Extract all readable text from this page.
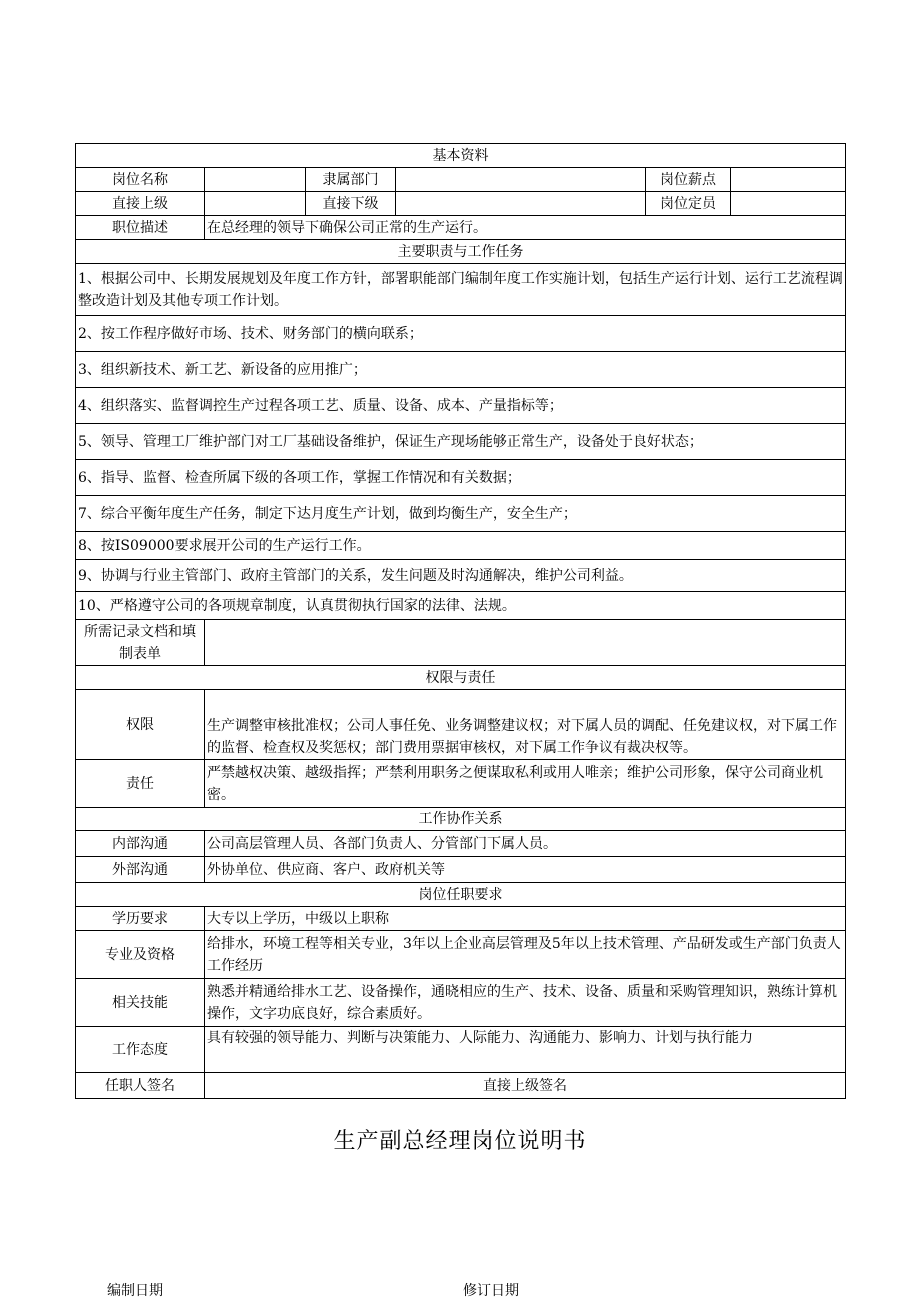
基本资料					
岗位名称		隶属部门		岗位薪点	
直接上级		直接下级		岗位定员	
职位描述	在总经理的领导下确保公司正常的生产运行。				
主要职责与工作任务					
1、根据公司中、长期发展规划及年度工作方针，部署职能部门编制年度工作实施计划，包括生产运行计划、运行工艺流程调整改造计划及其他专项工作计划。					
2、按工作程序做好市场、技术、财务部门的横向联系；					
3、组织新技术、新工艺、新设备的应用推广；					
4、组织落实、监督调控生产过程各项工艺、质量、设备、成本、产量指标等；					
5、领导、管理工厂维护部门对工厂基础设备维护，保证生产现场能够正常生产，设备处于良好状态；					
6、指导、监督、检查所属下级的各项工作，掌握工作情况和有关数据；					
7、综合平衡年度生产任务，制定下达月度生产计划，做到均衡生产，安全生产；					
8、按IS09000要求展开公司的生产运行工作。					
9、协调与行业主管部门、政府主管部门的关系，发生问题及时沟通解决，维护公司利益。					
10、严格遵守公司的各项规章制度，认真贯彻执行国家的法律、法规。					
所需记录文档和填制表单					
权限与责任					
权限	生产调整审核批准权；公司人事任免、业务调整建议权；对下属人员的调配、任免建议权，对下属工作的监督、检查权及奖惩权；部门费用票据审核权，对下属工作争议有裁决权等。				
责任	严禁越权决策、越级指挥；严禁利用职务之便谋取私利或用人唯亲；维护公司形象，保守公司商业机密。				
工作协作关系					
内部沟通	公司高层管理人员、各部门负责人、分管部门下属人员。				
外部沟通	外协单位、供应商、客户、政府机关等				
岗位任职要求					
学历要求	大专以上学历，中级以上职称				
专业及资格	给排水，环境工程等相关专业，3年以上企业高层管理及5年以上技术管理、产品研发或生产部门负责人工作经历				
相关技能	熟悉并精通给排水工艺、设备操作，通晓相应的生产、技术、设备、质量和采购管理知识，熟练计算机操作，文字功底良好，综合素质好。				
工作态度	具有较强的领导能力、判断与决策能力、人际能力、沟通能力、影响力、计划与执行能力				
任职人签名	直接上级签名				
生产副总经理岗位说明书
编制日期	修订日期
